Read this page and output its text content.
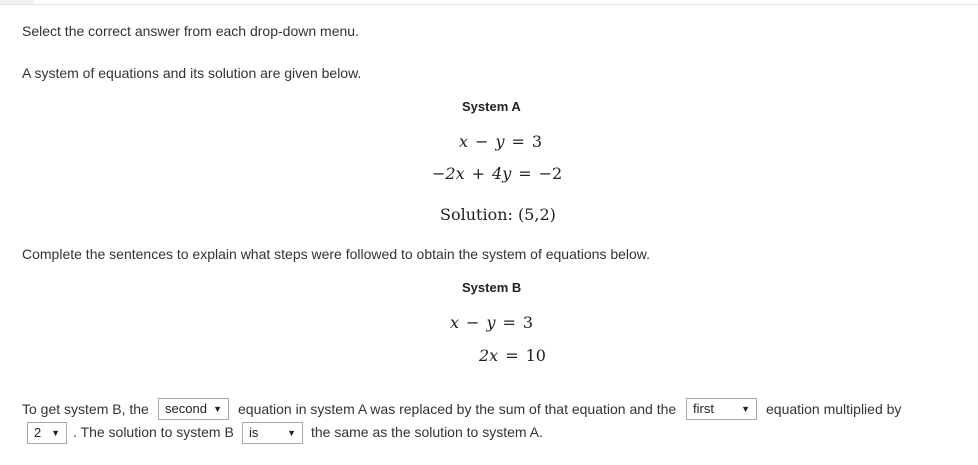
Select the correct answer from each drop-down menu.
A system of equations and its solution are given below.
System A
x − y = 3
−2x + 4y = −2
Solution: (5,2)
Complete the sentences to explain what steps were followed to obtain the system of equations below.
System B
x − y = 3
2x = 10
To get system B, the	second ▼ equation in system A was replaced by the sum of that equation and the	first	▼ equation multiplied by
2 ▼ . The solution to system B	is	▼ the same as the solution to system A.
